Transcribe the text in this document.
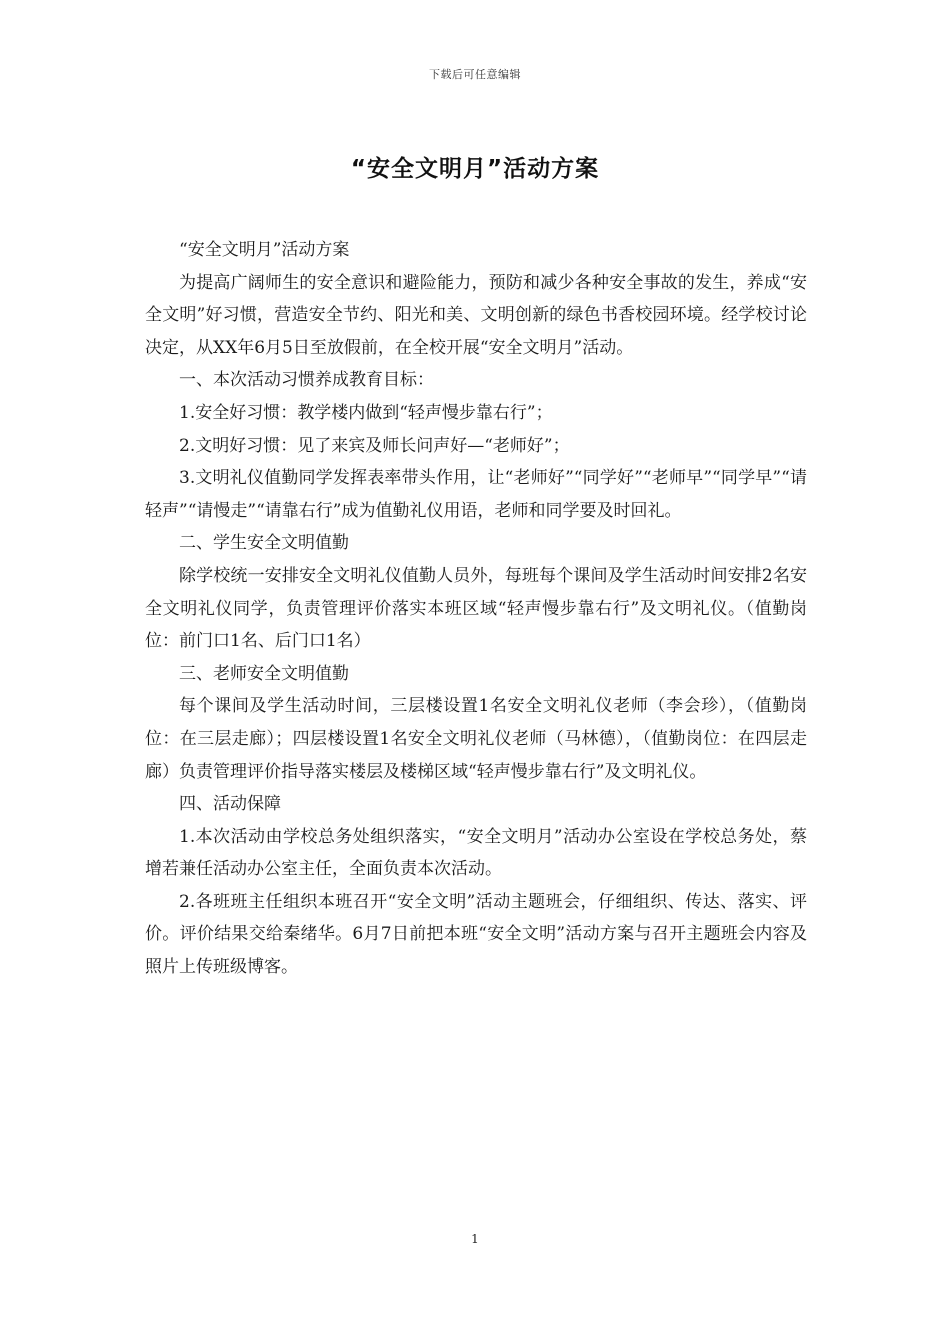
下载后可任意编辑
“安全文明月”活动方案

“安全文明月”活动方案

为提高广阔师生的安全意识和避险能力，预防和减少各种安全事故的发生，养成“安全文明”好习惯，营造安全节约、阳光和美、文明创新的绿色书香校园环境。经学校讨论决定，从XX年6月5日至放假前，在全校开展“安全文明月”活动。

一、本次活动习惯养成教育目标：

1.安全好习惯：教学楼内做到“轻声慢步靠右行”；

2.文明好习惯：见了来宾及师长问声好—“老师好”；

3.文明礼仪值勤同学发挥表率带头作用，让“老师好”“同学好”“老师早”“同学早”“请轻声”“请慢走”“请靠右行”成为值勤礼仪用语，老师和同学要及时回礼。

二、学生安全文明值勤

除学校统一安排安全文明礼仪值勤人员外，每班每个课间及学生活动时间安排2名安全文明礼仪同学，负责管理评价落实本班区域“轻声慢步靠右行”及文明礼仪。（值勤岗位：前门口1名、后门口1名）

三、老师安全文明值勤

每个课间及学生活动时间，三层楼设置1名安全文明礼仪老师（李会珍），（值勤岗位：在三层走廊）；四层楼设置1名安全文明礼仪老师（马林德），（值勤岗位：在四层走廊）负责管理评价指导落实楼层及楼梯区域“轻声慢步靠右行”及文明礼仪。

四、活动保障

1.本次活动由学校总务处组织落实，“安全文明月”活动办公室设在学校总务处，蔡增若兼任活动办公室主任，全面负责本次活动。

2.各班班主任组织本班召开“安全文明”活动主题班会，仔细组织、传达、落实、评价。评价结果交给秦绪华。6月7日前把本班“安全文明”活动方案与召开主题班会内容及照片上传班级博客。

1
